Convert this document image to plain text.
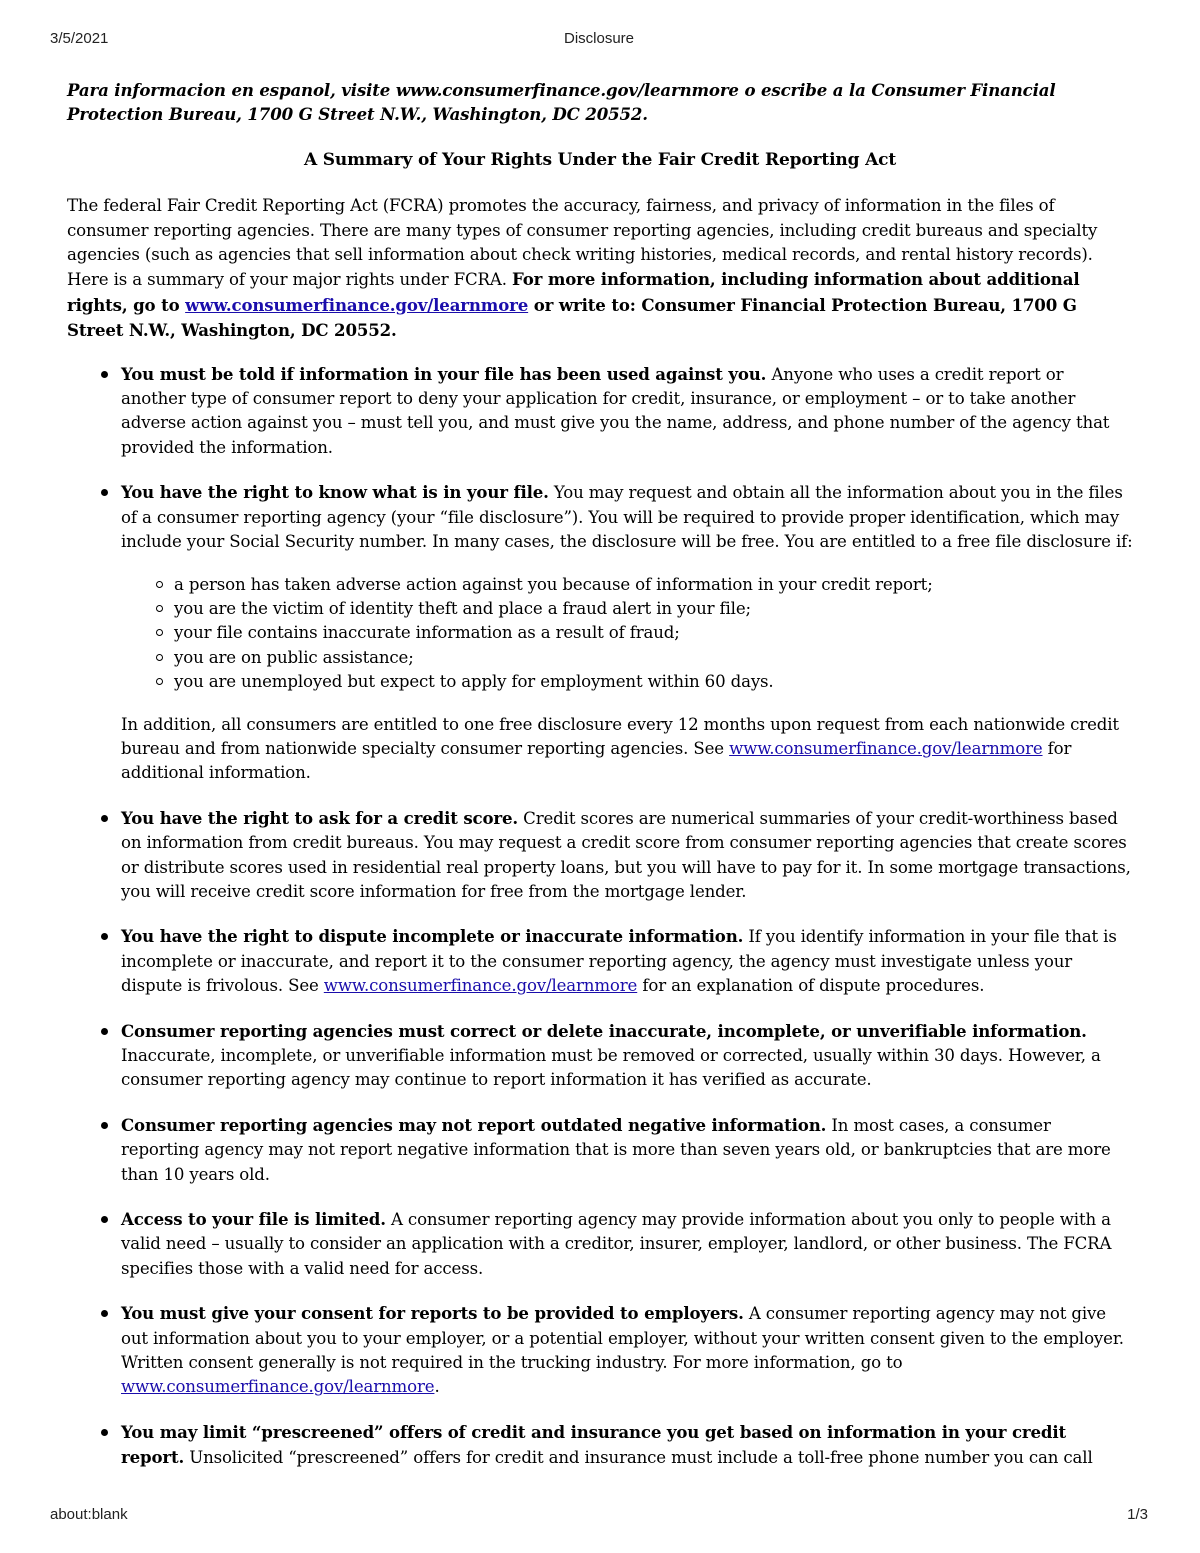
3/5/2021	Disclosure

Para informacion en espanol, visite www.consumerfinance.gov/learnmore o escribe a la Consumer Financial Protection Bureau, 1700 G Street N.W., Washington, DC 20552.

A Summary of Your Rights Under the Fair Credit Reporting Act

The federal Fair Credit Reporting Act (FCRA) promotes the accuracy, fairness, and privacy of information in the files of consumer reporting agencies. There are many types of consumer reporting agencies, including credit bureaus and specialty agencies (such as agencies that sell information about check writing histories, medical records, and rental history records). Here is a summary of your major rights under FCRA. For more information, including information about additional rights, go to www.consumerfinance.gov/learnmore or write to: Consumer Financial Protection Bureau, 1700 G Street N.W., Washington, DC 20552.

You must be told if information in your file has been used against you. Anyone who uses a credit report or another type of consumer report to deny your application for credit, insurance, or employment – or to take another adverse action against you – must tell you, and must give you the name, address, and phone number of the agency that provided the information.
You have the right to know what is in your file. You may request and obtain all the information about you in the files of a consumer reporting agency (your “file disclosure”). You will be required to provide proper identification, which may include your Social Security number. In many cases, the disclosure will be free. You are entitled to a free file disclosure if:
a person has taken adverse action against you because of information in your credit report;
you are the victim of identity theft and place a fraud alert in your file;
your file contains inaccurate information as a result of fraud;
you are on public assistance;
you are unemployed but expect to apply for employment within 60 days.
In addition, all consumers are entitled to one free disclosure every 12 months upon request from each nationwide credit bureau and from nationwide specialty consumer reporting agencies. See www.consumerfinance.gov/learnmore for additional information.
You have the right to ask for a credit score. Credit scores are numerical summaries of your credit-worthiness based on information from credit bureaus. You may request a credit score from consumer reporting agencies that create scores or distribute scores used in residential real property loans, but you will have to pay for it. In some mortgage transactions, you will receive credit score information for free from the mortgage lender.
You have the right to dispute incomplete or inaccurate information. If you identify information in your file that is incomplete or inaccurate, and report it to the consumer reporting agency, the agency must investigate unless your dispute is frivolous. See www.consumerfinance.gov/learnmore for an explanation of dispute procedures.
Consumer reporting agencies must correct or delete inaccurate, incomplete, or unverifiable information. Inaccurate, incomplete, or unverifiable information must be removed or corrected, usually within 30 days. However, a consumer reporting agency may continue to report information it has verified as accurate.
Consumer reporting agencies may not report outdated negative information. In most cases, a consumer reporting agency may not report negative information that is more than seven years old, or bankruptcies that are more than 10 years old.
Access to your file is limited. A consumer reporting agency may provide information about you only to people with a valid need – usually to consider an application with a creditor, insurer, employer, landlord, or other business. The FCRA specifies those with a valid need for access.
You must give your consent for reports to be provided to employers. A consumer reporting agency may not give out information about you to your employer, or a potential employer, without your written consent given to the employer. Written consent generally is not required in the trucking industry. For more information, go to www.consumerfinance.gov/learnmore.
You may limit “prescreened” offers of credit and insurance you get based on information in your credit report. Unsolicited “prescreened” offers for credit and insurance must include a toll-free phone number you can call
about:blank	1/3
